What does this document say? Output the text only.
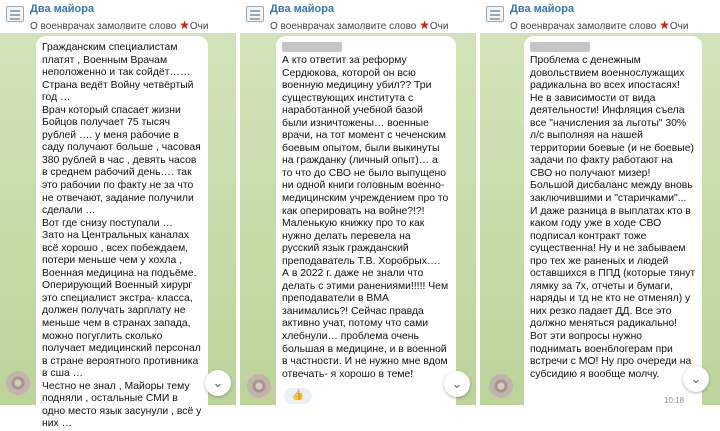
Два майора
О военврачах замолвите слово ★Очи
Гражданским специалистам платят , Военным Врачам неположенно и так сойдёт…… Страна ведёт Войну четвёртый год …
Врач который спасает жизни Бойцов получает 75 тысяч рублей …. у меня рабочие в саду получают больше , часовая 380 рублей в час , девять часов в среднем рабочий день…. так это рабочии по факту не за что не отвечают, задание получили сделали …
Вот где снизу поступали …
Зато на Центральных каналах всё хорошо , всех побеждаем, потери меньше чем у хохла , Военная медицина на подъёме.
Оперирующий Военный хирург это специалист экстра- класса, должен получать зарплату не меньше чем в странах запада, можно погуглить сколько получает медицинский персонал в стране вероятного противника в сша …
Честно не знал , Майоры тему подняли , остальные СМИ в одно место язык засунули , всё у них …
⌄
Два майора
О военврачах замолвите слово ★Очи
А кто ответит за реформу Сердюкова, которой он всю военную медицину убил?? Три существующих института с наработанной учебной базой были изничтожены… военные врачи, на тот момент с чеченским боевым опытом, были выкинуты на гражданку (личный опыт)… а то что до СВО не было выпущено ни одной книги головным военно- медицинским учреждением про то как оперировать на войне?!?! Маленькую книжку про то как нужно делать перевела на русский язык гражданский преподаватель Т.В. Хоробрых…. А в 2022 г. даже не знали что делать с этими ранениями!!!!! Чем преподаватели в ВМА занимались?! Сейчас правда активно учат, потому что сами хлебнули… проблема очень большая в медицине, и в военной в частности. И не нужно мне вдом отвечать- я хорошо в теме!
👍
⌄
Два майора
О военврачах замолвите слово ★Очи
Проблема с денежным довольствием военнослужащих радикальна во всех ипостасях! Не в зависимости от вида деятельности! Инфляция съела все "начисления за льготы" 30% л/с выполняя на нашей территории боевые (и не боевые) задачи по факту работают на СВО но получают мизер! Большой дисбаланс между вновь заключившими и "старичками"... И даже разница в выплатах кто в каком году уже в ходе СВО подписал контракт тоже существенна! Ну и не забываем про тех же раненых и людей оставшихся в ППД (которые тянут лямку за 7х, отчеты и бумаги, наряды и тд не кто не отменял) у них резко падает ДД. Все это должно меняться радикально! Вот эти вопросы нужно поднимать военблогерам при встречи с МО! Ну про очереди на субсидию я вообще молчу.
10:18
⌄
